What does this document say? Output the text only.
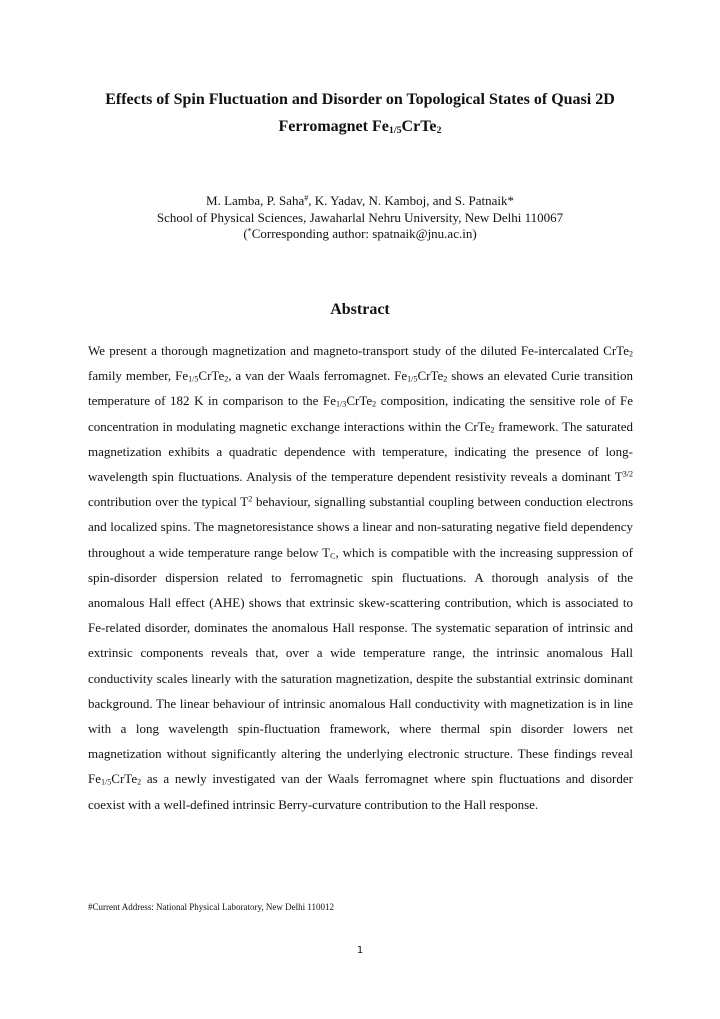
Effects of Spin Fluctuation and Disorder on Topological States of Quasi 2D
Ferromagnet $Fe_{1/5}CrTe_2$
M. Lamba, P. Saha#, K. Yadav, N. Kamboj, and S. Patnaik*
School of Physical Sciences, Jawaharlal Nehru University, New Delhi 110067
(*Corresponding author: spatnaik@jnu.ac.in)
Abstract

We present a thorough magnetization and magneto-transport study of the diluted Fe-intercalated CrTe$_2$ family member, $Fe_{1/5}CrTe_2$, a van der Waals ferromagnet. $Fe_{1/5}CrTe_2$ shows an elevated Curie transition temperature of 182 K in comparison to the $Fe_{1/3}CrTe_2$ composition, indicating the sensitive role of Fe concentration in modulating magnetic exchange interactions within the CrTe$_2$ framework. The saturated magnetization exhibits a quadratic dependence with temperature, indicating the presence of long-wavelength spin fluctuations. Analysis of the temperature dependent resistivity reveals a dominant $T^{3/2}$ contribution over the typical $T^2$ behaviour, signalling substantial coupling between conduction electrons and localized spins. The magnetoresistance shows a linear and non-saturating negative field dependency throughout a wide temperature range below $T_C$, which is compatible with the increasing suppression of spin-disorder dispersion related to ferromagnetic spin fluctuations. A thorough analysis of the anomalous Hall effect (AHE) shows that extrinsic skew-scattering contribution, which is associated to Fe-related disorder, dominates the anomalous Hall response. The systematic separation of intrinsic and extrinsic components reveals that, over a wide temperature range, the intrinsic anomalous Hall conductivity scales linearly with the saturation magnetization, despite the substantial extrinsic dominant background. The linear behaviour of intrinsic anomalous Hall conductivity with magnetization is in line with a long wavelength spin-fluctuation framework, where thermal spin disorder lowers net magnetization without significantly altering the underlying electronic structure. These findings reveal $Fe_{1/5}CrTe_2$ as a newly investigated van der Waals ferromagnet where spin fluctuations and disorder coexist with a well-defined intrinsic Berry-curvature contribution to the Hall response.

#Current Address: National Physical Laboratory, New Delhi 110012
1
